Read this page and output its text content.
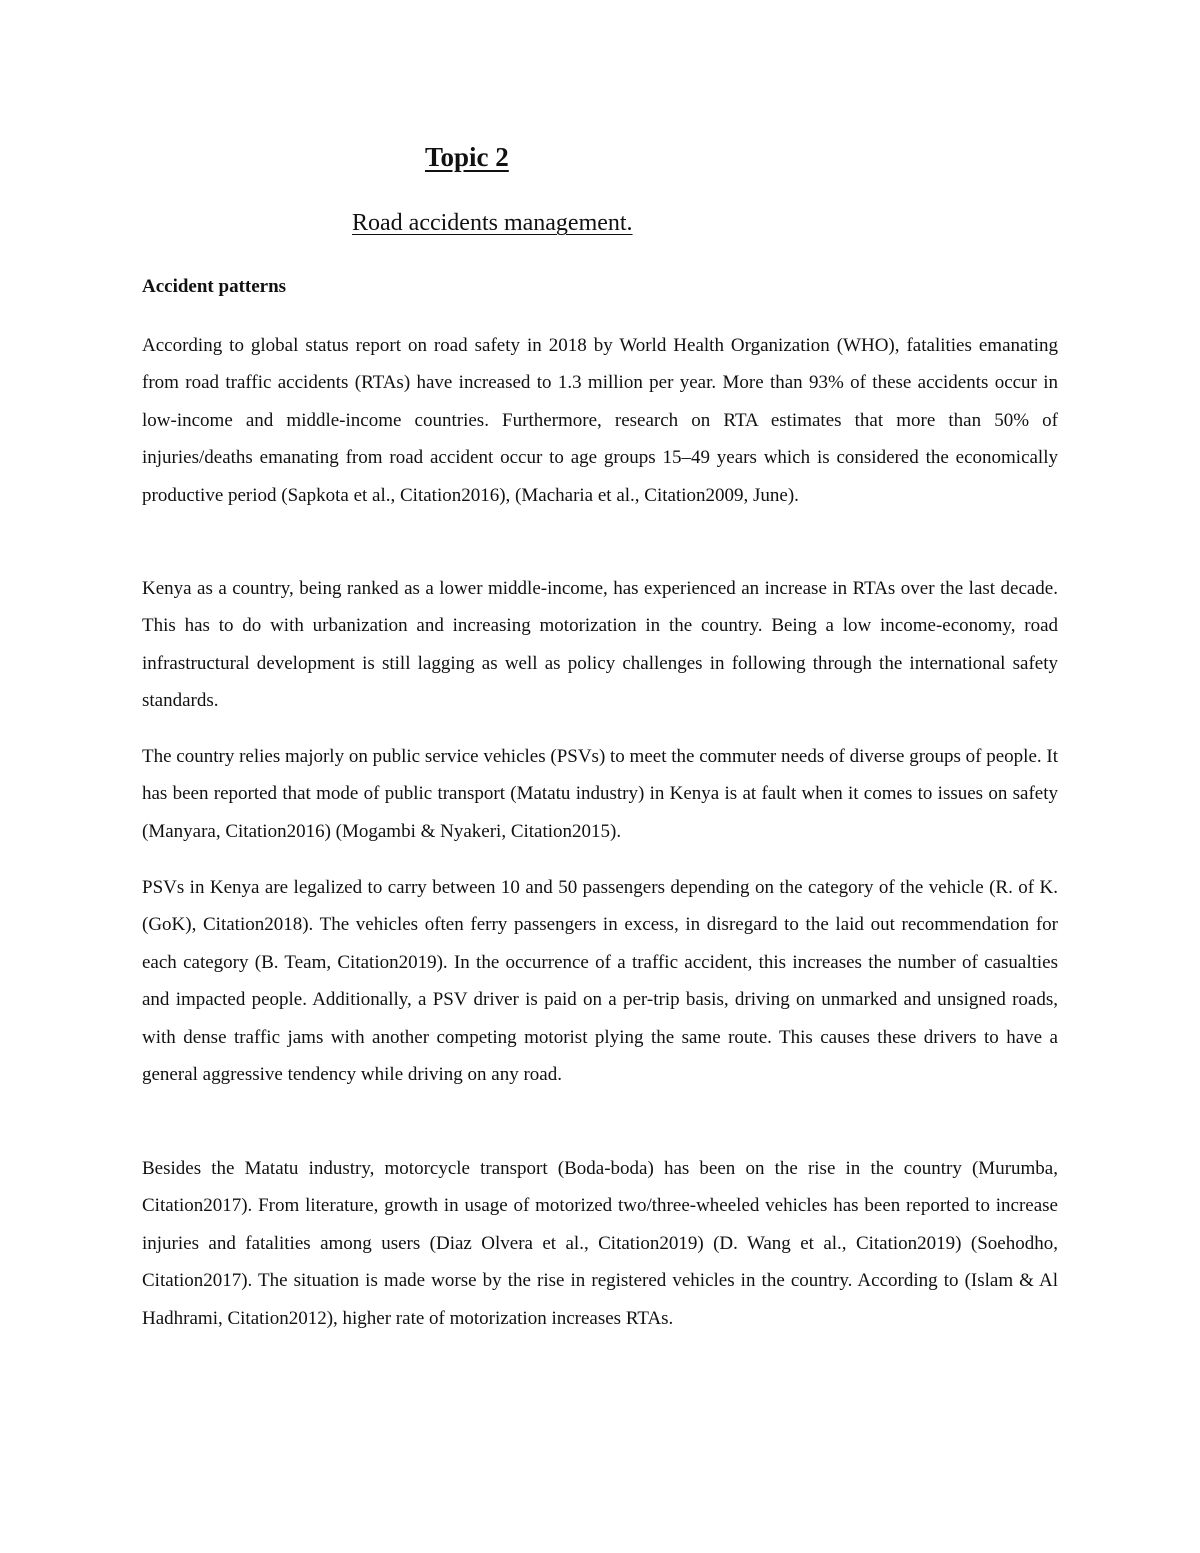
Topic 2
Road accidents management.
Accident patterns

According to global status report on road safety in 2018 by World Health Organization (WHO), fatalities emanating from road traffic accidents (RTAs) have increased to 1.3 million per year. More than 93% of these accidents occur in low-income and middle-income countries. Furthermore, research on RTA estimates that more than 50% of injuries/deaths emanating from road accident occur to age groups 15–49 years which is considered the economically productive period (Sapkota et al., Citation2016), (Macharia et al., Citation2009, June).

Kenya as a country, being ranked as a lower middle-income, has experienced an increase in RTAs over the last decade. This has to do with urbanization and increasing motorization in the country. Being a low income-economy, road infrastructural development is still lagging as well as policy challenges in following through the international safety standards.

The country relies majorly on public service vehicles (PSVs) to meet the commuter needs of diverse groups of people. It has been reported that mode of public transport (Matatu industry) in Kenya is at fault when it comes to issues on safety (Manyara, Citation2016) (Mogambi & Nyakeri, Citation2015).

PSVs in Kenya are legalized to carry between 10 and 50 passengers depending on the category of the vehicle (R. of K. (GoK), Citation2018). The vehicles often ferry passengers in excess, in disregard to the laid out recommendation for each category (B. Team, Citation2019). In the occurrence of a traffic accident, this increases the number of casualties and impacted people. Additionally, a PSV driver is paid on a per-trip basis, driving on unmarked and unsigned roads, with dense traffic jams with another competing motorist plying the same route. This causes these drivers to have a general aggressive tendency while driving on any road.

Besides the Matatu industry, motorcycle transport (Boda-boda) has been on the rise in the country (Murumba, Citation2017). From literature, growth in usage of motorized two/three-wheeled vehicles has been reported to increase injuries and fatalities among users (Diaz Olvera et al., Citation2019) (D. Wang et al., Citation2019) (Soehodho, Citation2017). The situation is made worse by the rise in registered vehicles in the country. According to (Islam & Al Hadhrami, Citation2012), higher rate of motorization increases RTAs.
